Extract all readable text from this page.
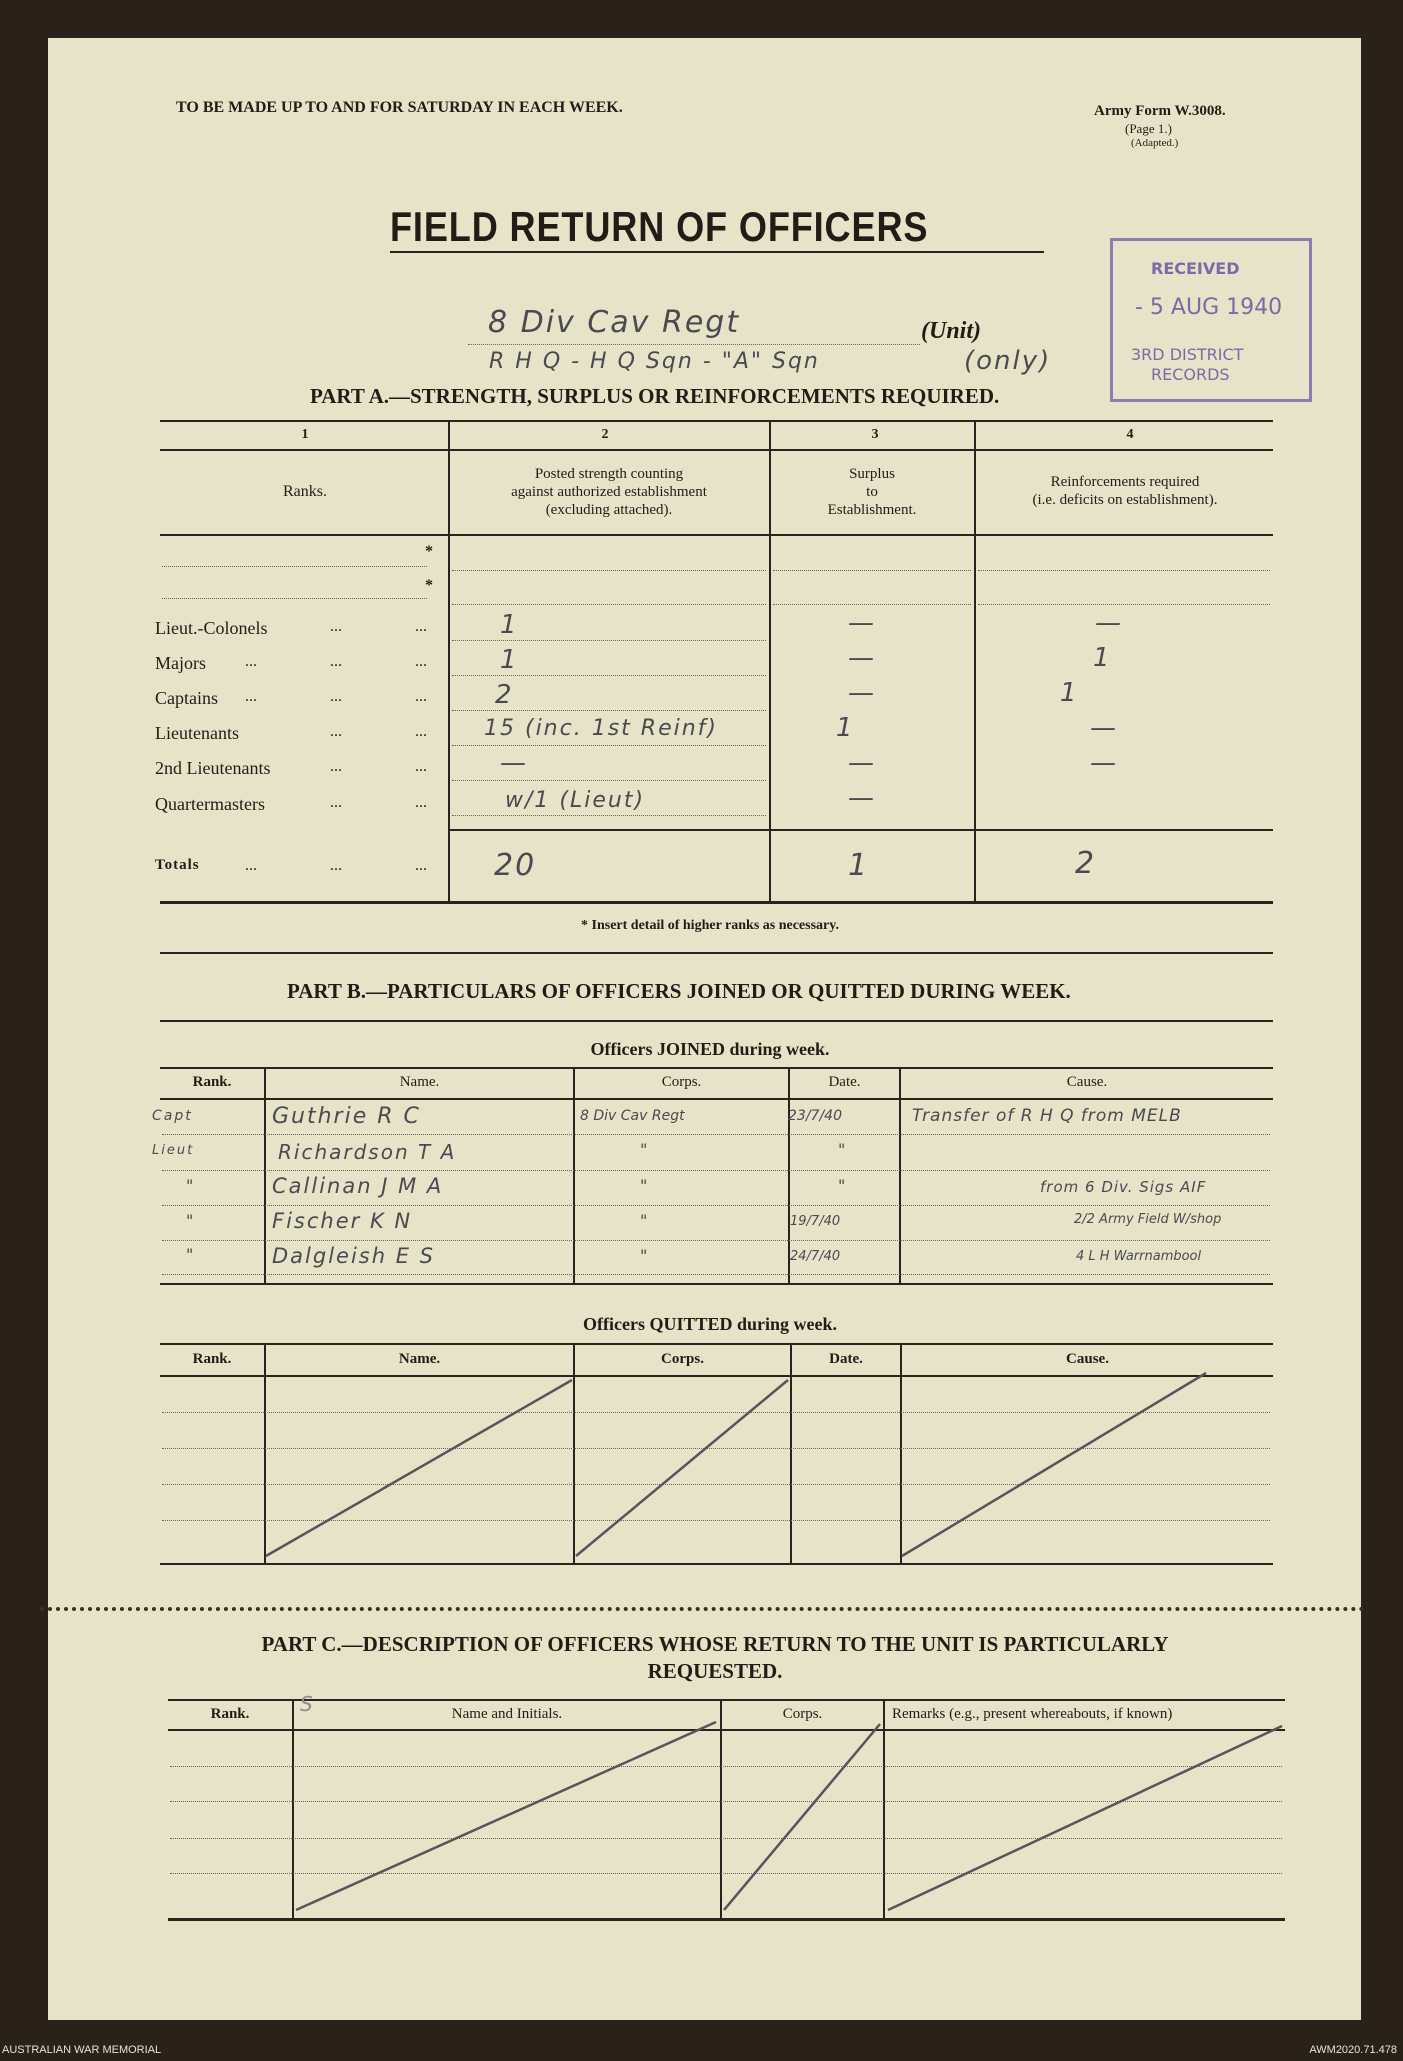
TO BE MADE UP TO AND FOR SATURDAY IN EACH WEEK.	Army Form W.3008.
(Page 1.)
(Adapted.)
FIELD RETURN OF OFFICERS
8 Div Cav Regt	(Unit)
R H Q - H Q Sqn - "A" Sqn	(only)
RECEIVED
- 5 AUG 1940
3RD DISTRICT
RECORDS
PART A.—STRENGTH, SURPLUS OR REINFORCEMENTS REQUIRED.
1	2	3	4
Ranks.
Posted strength counting
against authorized establishment
(excluding attached).
Surplus
to
Establishment.
Reinforcements required
(i.e. deficits on establishment).
*
*
Lieut.-Colonels	...	...	1	—	—
Majors ...	...	...	1	—	1
Captains ...	...	...	2	—	1
Lieutenants	...	...	15 (inc. 1st Reinf)	1	—
2nd Lieutenants	...	...	—	—	—
Quartermasters	...	...	w/1 (Lieut)	—
Totals	...	...	... 20	1	2
* Insert detail of higher ranks as necessary.
PART B.—PARTICULARS OF OFFICERS JOINED OR QUITTED DURING WEEK.
Officers JOINED during week.
Rank.	Name.	Corps.	Date.	Cause.
Capt	Guthrie R C	8 Div Cav Regt	23/7/40	Transfer of R H Q from MELB
Lieut	Richardson T A	"	"
"	Callinan J M A	"	"	from 6 Div. Sigs AIF
"	Fischer K N	"	19/7/40	2/2 Army Field W/shop
"	Dalgleish E S	"	24/7/40	4 L H Warrnambool
Officers QUITTED during week.
Rank.	Name.	Corps.	Date.	Cause.
PART C.—DESCRIPTION OF OFFICERS WHOSE RETURN TO THE UNIT IS PARTICULARLY
REQUESTED.
Rank.	S	Name and Initials.	Corps.	Remarks (e.g., present whereabouts, if known)
AUSTRALIAN WAR MEMORIAL	AWM2020.71.478
